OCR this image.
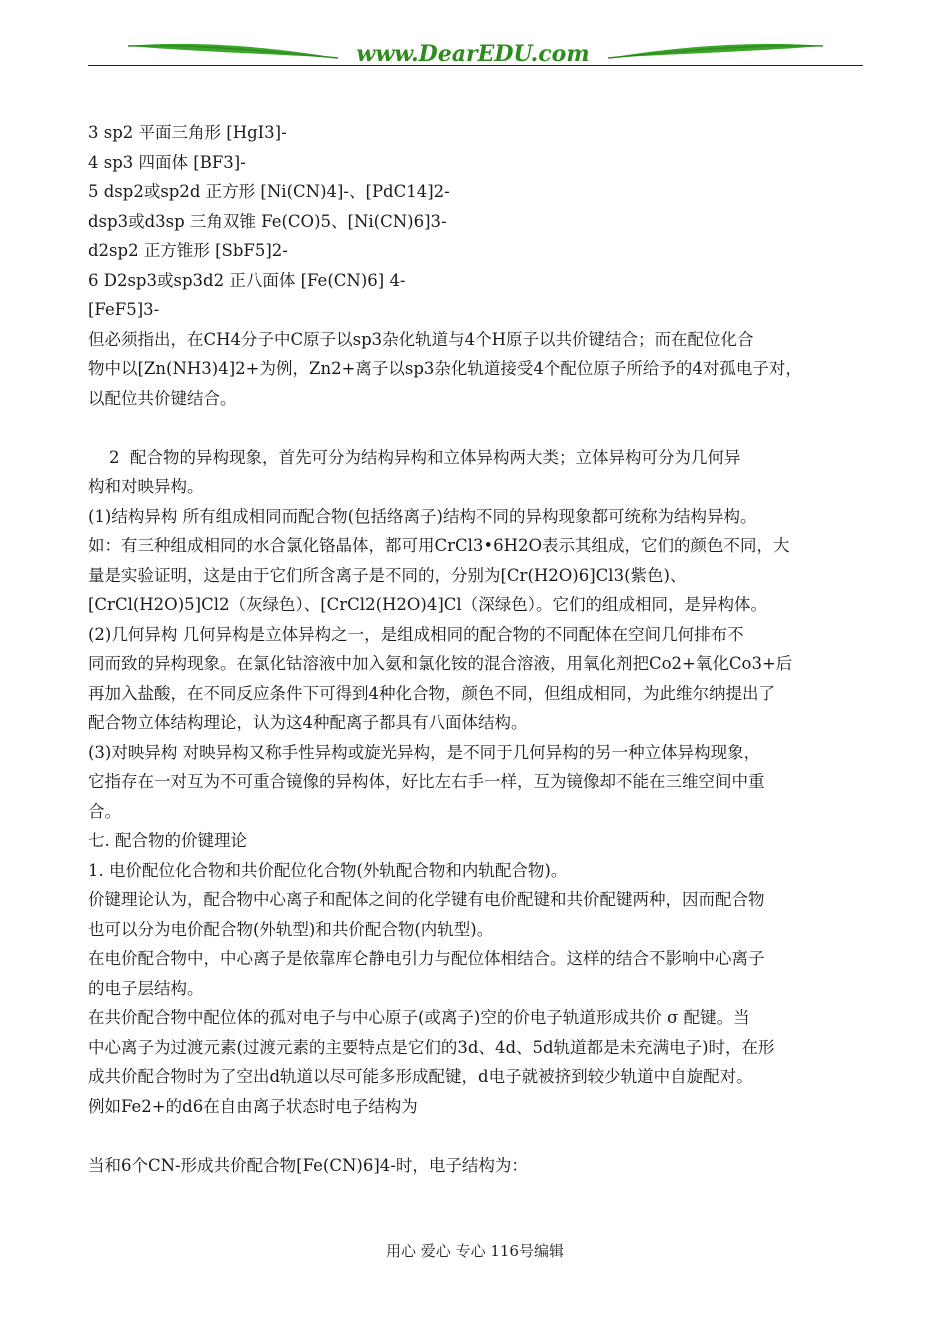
www.DearEDU.com
3 sp2 平面三角形 [HgI3]-
4 sp3 四面体 [BF3]-
5 dsp2或sp2d 正方形 [Ni(CN)4]-、[PdC14]2-
dsp3或d3sp 三角双锥 Fe(CO)5、[Ni(CN)6]3-
d2sp2 正方锥形 [SbF5]2-
6 D2sp3或sp3d2 正八面体 [Fe(CN)6] 4-
[FeF5]3-
但必须指出，在CH4分子中C原子以sp3杂化轨道与4个H原子以共价键结合；而在配位化合
物中以[Zn(NH3)4]2+为例，Zn2+离子以sp3杂化轨道接受4个配位原子所给予的4对孤电子对，
以配位共价键结合。
2  配合物的异构现象，首先可分为结构异构和立体异构两大类；立体异构可分为几何异
构和对映异构。
(1)结构异构 所有组成相同而配合物(包括络离子)结构不同的异构现象都可统称为结构异构。
如：有三种组成相同的水合氯化铬晶体，都可用CrCl3•6H2O表示其组成，它们的颜色不同，大
量是实验证明，这是由于它们所含离子是不同的，分别为[Cr(H2O)6]Cl3(紫色)、
[CrCl(H2O)5]Cl2（灰绿色）、[CrCl2(H2O)4]Cl（深绿色）。它们的组成相同，是异构体。
(2)几何异构 几何异构是立体异构之一，是组成相同的配合物的不同配体在空间几何排布不
同而致的异构现象。在氯化钴溶液中加入氨和氯化铵的混合溶液，用氧化剂把Co2+氧化Co3+后
再加入盐酸，在不同反应条件下可得到4种化合物，颜色不同，但组成相同，为此维尔纳提出了
配合物立体结构理论，认为这4种配离子都具有八面体结构。
(3)对映异构 对映异构又称手性异构或旋光异构，是不同于几何异构的另一种立体异构现象，
它指存在一对互为不可重合镜像的异构体，好比左右手一样，互为镜像却不能在三维空间中重
合。
七. 配合物的价键理论
1. 电价配位化合物和共价配位化合物(外轨配合物和内轨配合物)。
价键理论认为，配合物中心离子和配体之间的化学键有电价配键和共价配键两种，因而配合物
也可以分为电价配合物(外轨型)和共价配合物(内轨型)。
在电价配合物中，中心离子是依靠库仑静电引力与配位体相结合。这样的结合不影响中心离子
的电子层结构。
在共价配合物中配位体的孤对电子与中心原子(或离子)空的价电子轨道形成共价 σ 配键。当
中心离子为过渡元素(过渡元素的主要特点是它们的3d、4d、5d轨道都是未充满电子)时，在形
成共价配合物时为了空出d轨道以尽可能多形成配键，d电子就被挤到较少轨道中自旋配对。
例如Fe2+的d6在自由离子状态时电子结构为
当和6个CN-形成共价配合物[Fe(CN)6]4-时，电子结构为：
用心 爱心 专心 116号编辑
